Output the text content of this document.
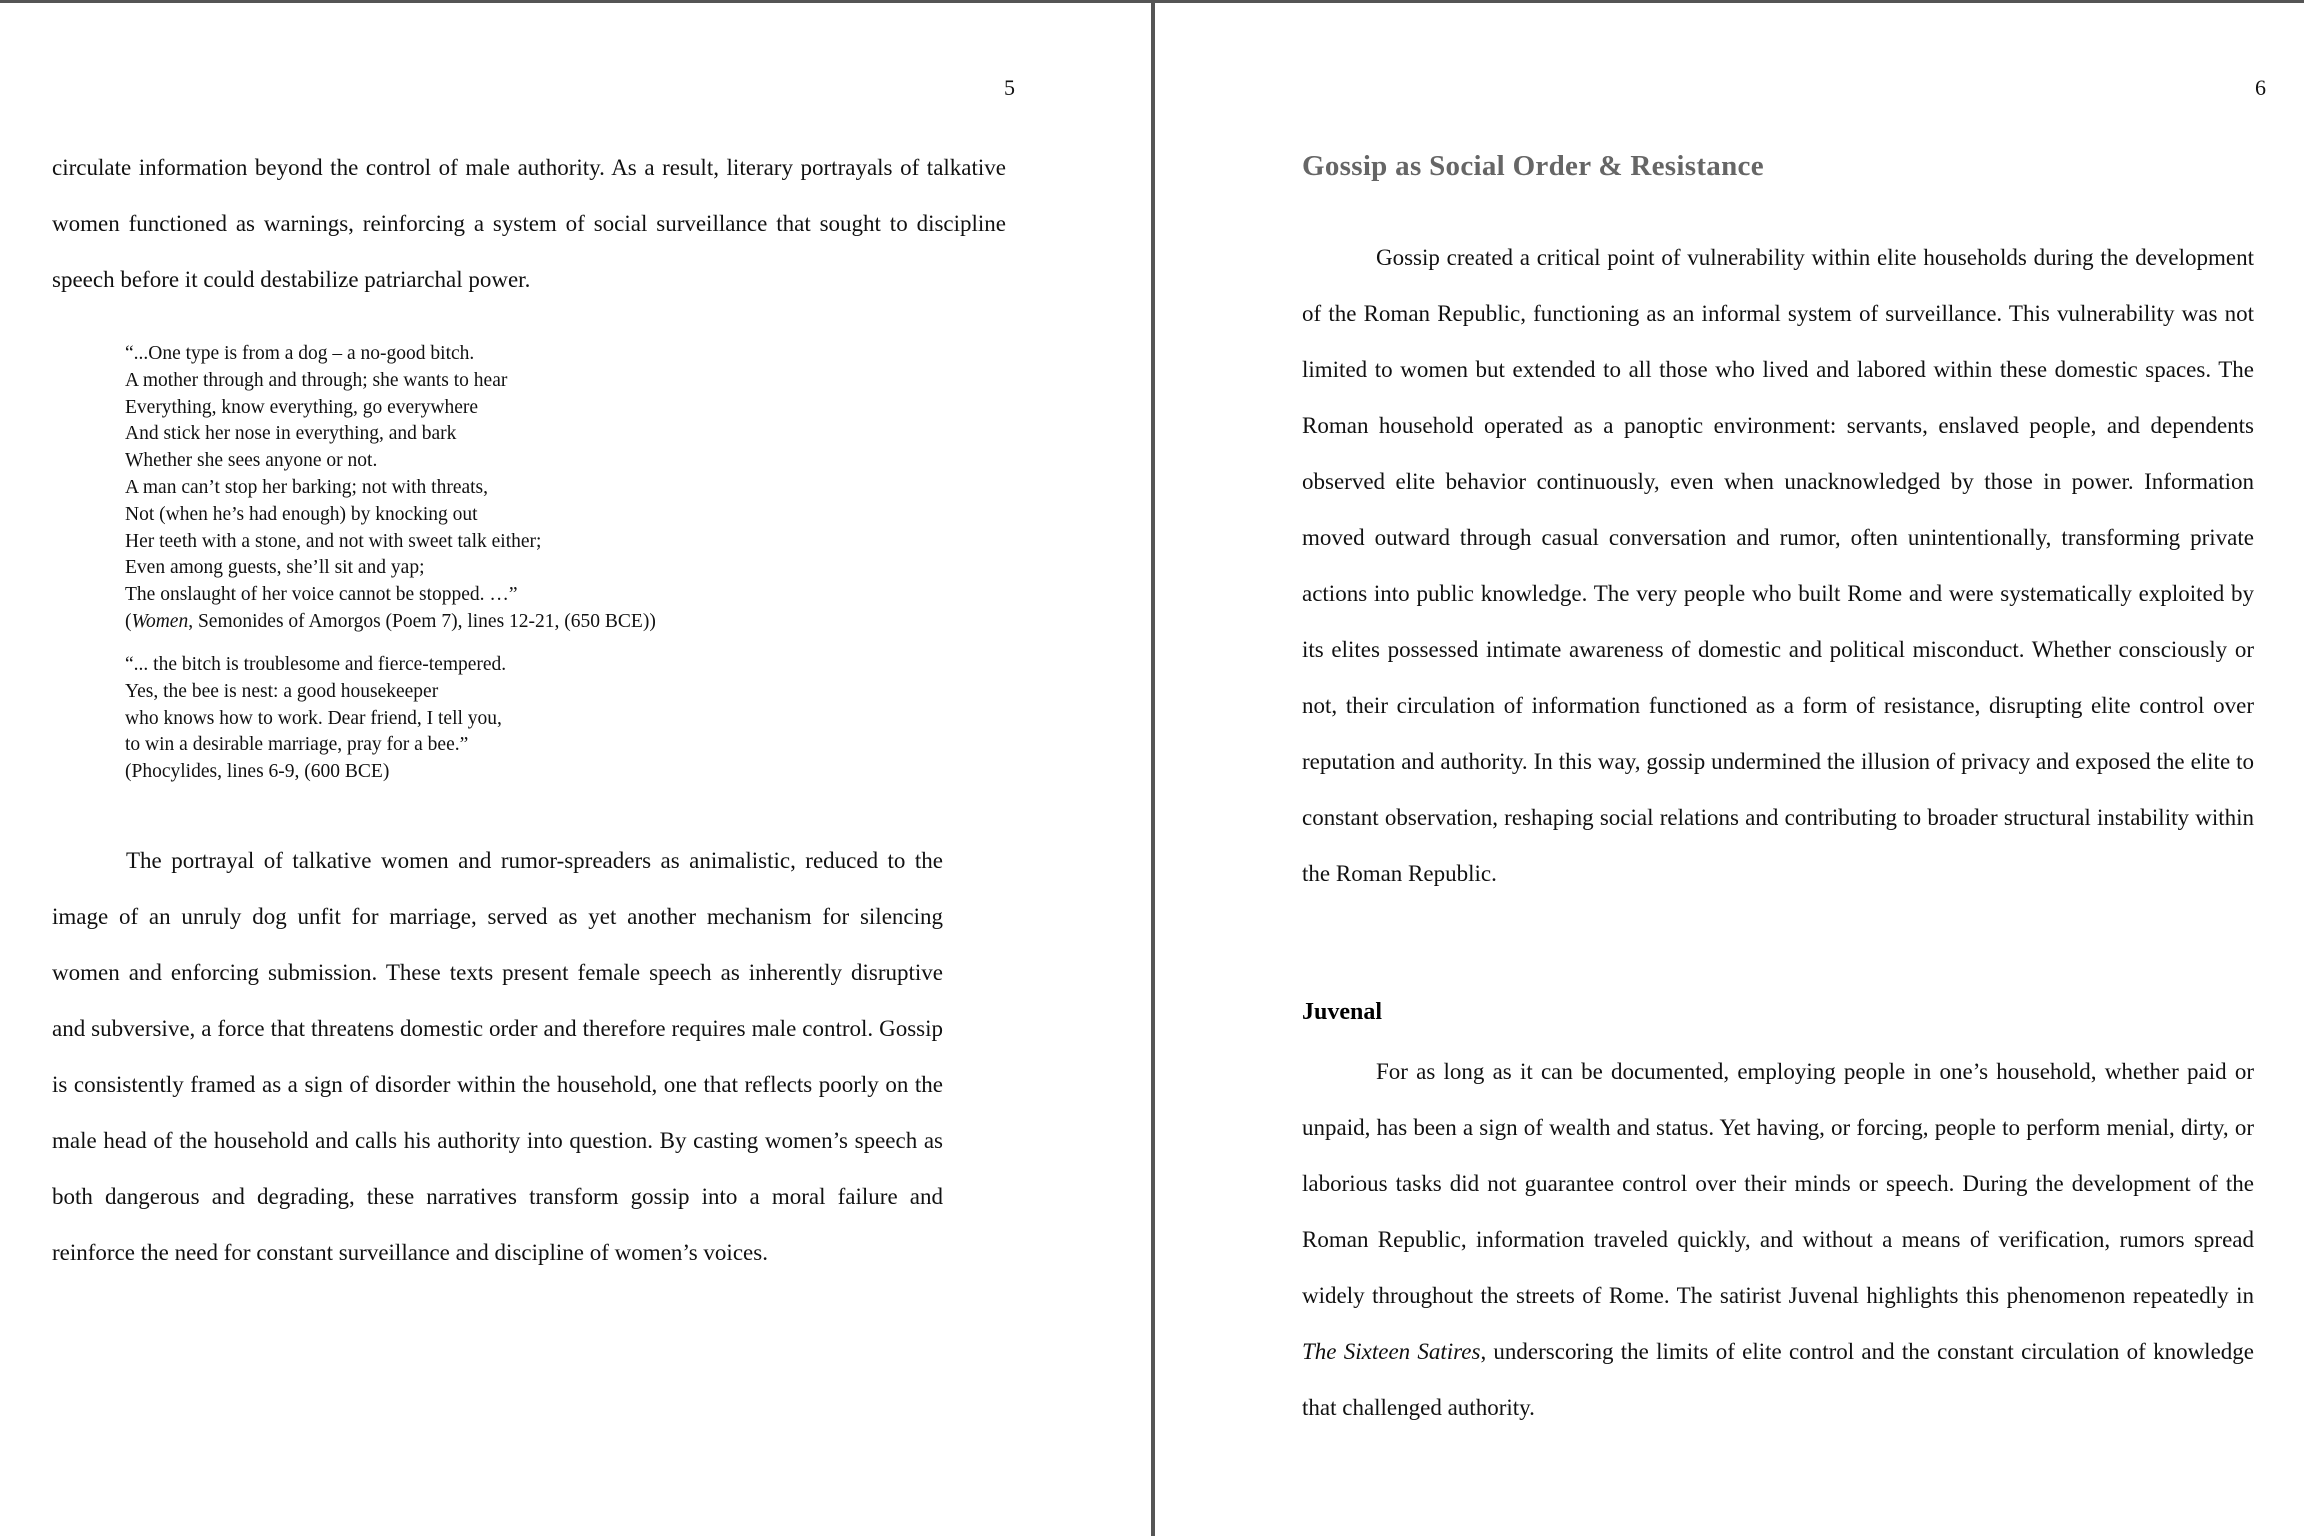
5

circulate information beyond the control of male authority. As a result, literary portrayals of talkative women functioned as warnings, reinforcing a system of social surveillance that sought to discipline speech before it could destabilize patriarchal power.

“...One type is from a dog – a no-good bitch.
A mother through and through; she wants to hear
Everything, know everything, go everywhere
And stick her nose in everything, and bark
Whether she sees anyone or not.
A man can’t stop her barking; not with threats,
Not (when he’s had enough) by knocking out
Her teeth with a stone, and not with sweet talk either;
Even among guests, she’ll sit and yap;
The onslaught of her voice cannot be stopped. …”
(Women, Semonides of Amorgos (Poem 7), lines 12-21, (650 BCE))
“... the bitch is troublesome and fierce-tempered.
Yes, the bee is nest: a good housekeeper
who knows how to work. Dear friend, I tell you,
to win a desirable marriage, pray for a bee.”
(Phocylides, lines 6-9, (600 BCE)

The portrayal of talkative women and rumor-spreaders as animalistic, reduced to the image of an unruly dog unfit for marriage, served as yet another mechanism for silencing women and enforcing submission. These texts present female speech as inherently disruptive and subversive, a force that threatens domestic order and therefore requires male control. Gossip is consistently framed as a sign of disorder within the household, one that reflects poorly on the male head of the household and calls his authority into question. By casting women’s speech as both dangerous and degrading, these narratives transform gossip into a moral failure and reinforce the need for constant surveillance and discipline of women’s voices.

6
Gossip as Social Order & Resistance

Gossip created a critical point of vulnerability within elite households during the development of the Roman Republic, functioning as an informal system of surveillance. This vulnerability was not limited to women but extended to all those who lived and labored within these domestic spaces. The Roman household operated as a panoptic environment: servants, enslaved people, and dependents observed elite behavior continuously, even when unacknowledged by those in power. Information moved outward through casual conversation and rumor, often unintentionally, transforming private actions into public knowledge. The very people who built Rome and were systematically exploited by its elites possessed intimate awareness of domestic and political misconduct. Whether consciously or not, their circulation of information functioned as a form of resistance, disrupting elite control over reputation and authority. In this way, gossip undermined the illusion of privacy and exposed the elite to constant observation, reshaping social relations and contributing to broader structural instability within the Roman Republic.

Juvenal

For as long as it can be documented, employing people in one’s household, whether paid or unpaid, has been a sign of wealth and status. Yet having, or forcing, people to perform menial, dirty, or laborious tasks did not guarantee control over their minds or speech. During the development of the Roman Republic, information traveled quickly, and without a means of verification, rumors spread widely throughout the streets of Rome. The satirist Juvenal highlights this phenomenon repeatedly in The Sixteen Satires, underscoring the limits of elite control and the constant circulation of knowledge that challenged authority.
